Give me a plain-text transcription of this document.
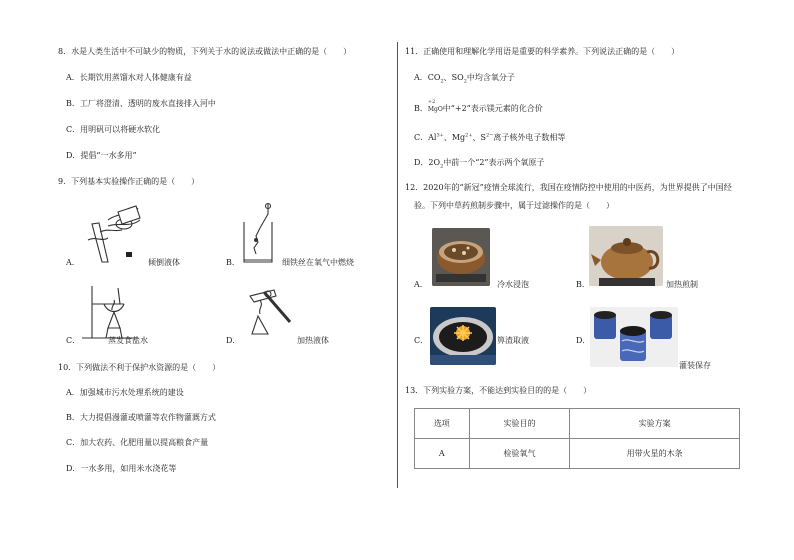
8．水是人类生活中不可缺少的物质，下列关于水的说法或做法中正确的是（　　）
A．长期饮用蒸馏水对人体健康有益
B．工厂将澄清、透明的废水直接排入河中
C．用明矾可以将硬水软化
D．提倡“一水多用”
9．下列基本实验操作正确的是（　　）
A．	倾倒液体	B．	细铁丝在氧气中燃烧
C．	蒸发食盐水	D．	加热液体
10．下列做法不利于保护水资源的是（　　）
A．加强城市污水处理系统的建设
B．大力提倡漫灌或喷灌等农作物灌溉方式
C．加大农药、化肥用量以提高粮食产量
D．一水多用，如用米水浇花等
11．正确使用和理解化学用语是重要的科学素养。下列说法正确的是（　　）
A．$CO_2$、$SO_2$中均含氧分子
B．
+2
MgO中“+2”表示镁元素的化合价
C．$Al^{3+}$、$Mg^{2+}$、$S^{2-}$离子核外电子数相等
D．$2O_2$中前一个“2”表示两个氧原子
12．2020年的“新冠”疫情全球流行，我国在疫情防控中使用的中医药，为世界提供了中国经
验。下列中草药煎制步骤中，属于过滤操作的是（　　）
A．	冷水浸泡	B．	加热煎制
C．	箅渣取液	D．
灌装保存
13．下列实验方案，不能达到实验目的的是（　　）
选项	实验目的	实验方案
A	检验氧气	用带火星的木条
